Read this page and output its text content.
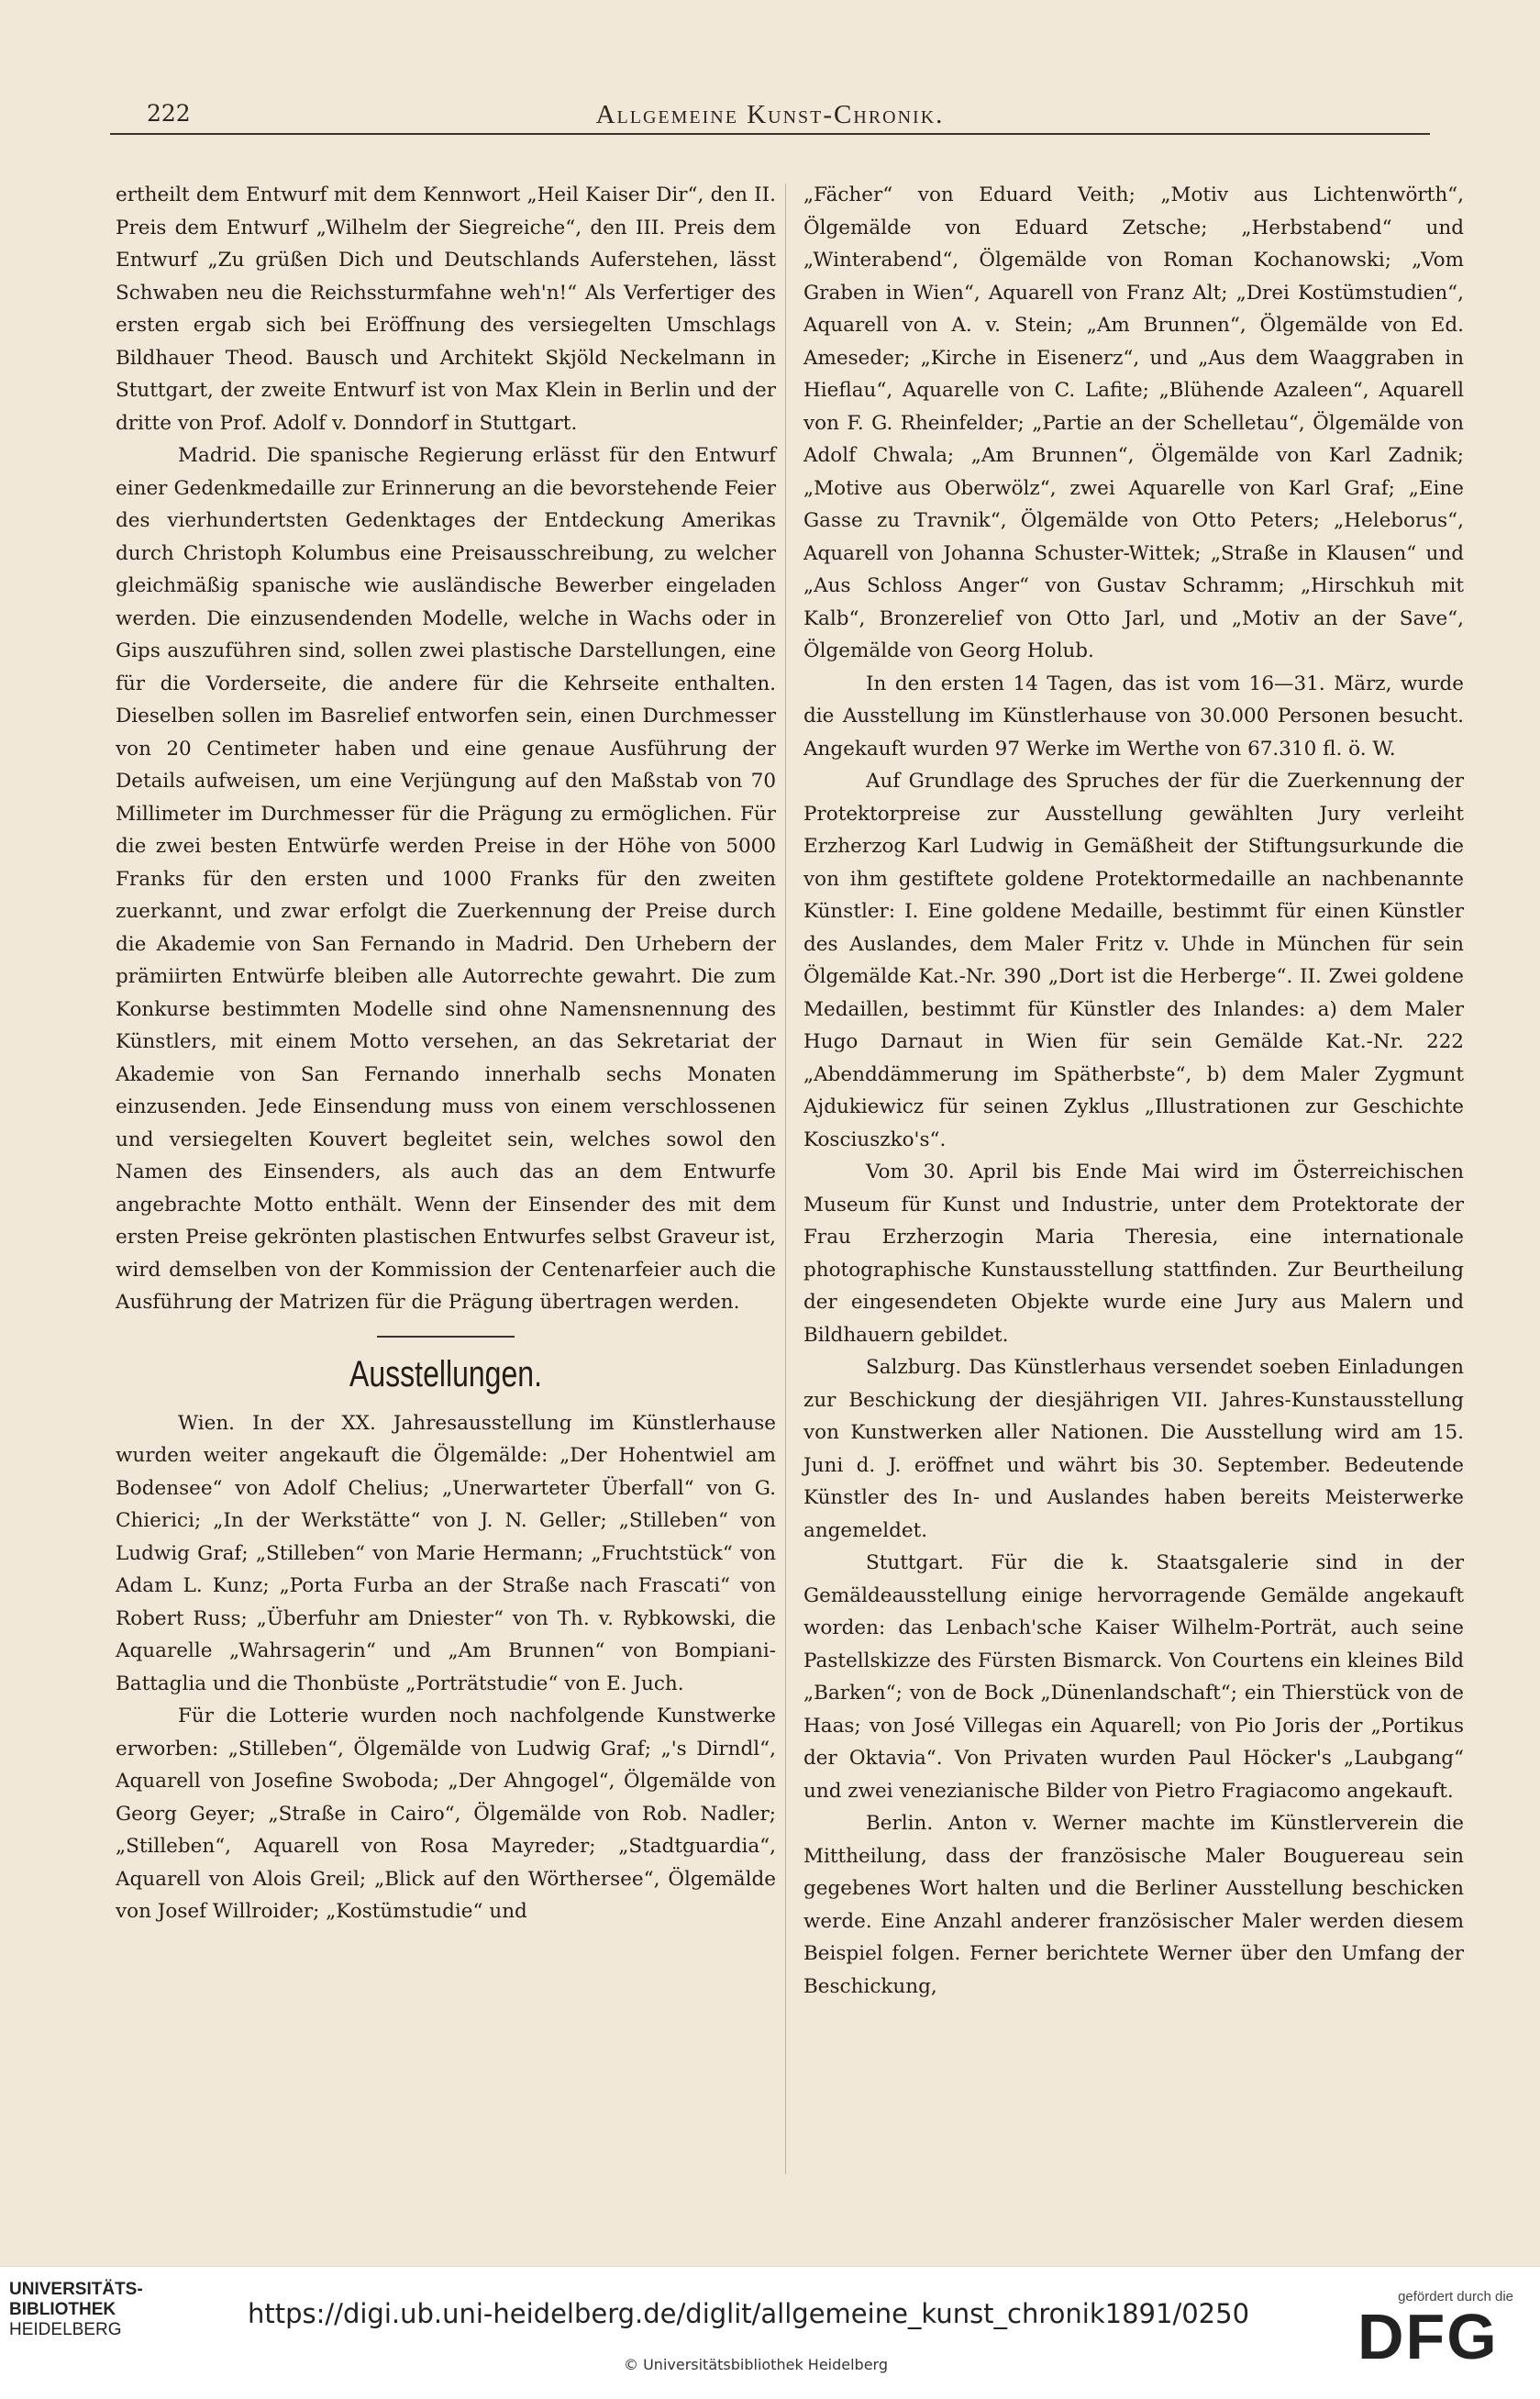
222	Allgemeine Kunst-Chronik.

ertheilt dem Entwurf mit dem Kennwort „Heil Kaiser Dir“, den II. Preis dem Entwurf „Wilhelm der Siegreiche“, den III. Preis dem Entwurf „Zu grüßen Dich und Deutschlands Auferstehen, lässt Schwaben neu die Reichssturmfahne weh'n!“ Als Verfertiger des ersten ergab sich bei Eröffnung des versiegelten Umschlags Bildhauer Theod. Bausch und Architekt Skjöld Neckelmann in Stuttgart, der zweite Entwurf ist von Max Klein in Berlin und der dritte von Prof. Adolf v. Donndorf in Stuttgart.

Madrid. Die spanische Regierung erlässt für den Entwurf einer Gedenkmedaille zur Erinnerung an die bevorstehende Feier des vierhundertsten Gedenktages der Entdeckung Amerikas durch Christoph Kolumbus eine Preisausschreibung, zu welcher gleichmäßig spanische wie ausländische Bewerber eingeladen werden. Die einzusendenden Modelle, welche in Wachs oder in Gips auszuführen sind, sollen zwei plastische Darstellungen, eine für die Vorderseite, die andere für die Kehrseite enthalten. Dieselben sollen im Basrelief entworfen sein, einen Durchmesser von 20 Centimeter haben und eine genaue Ausführung der Details aufweisen, um eine Verjüngung auf den Maßstab von 70 Millimeter im Durchmesser für die Prägung zu ermöglichen. Für die zwei besten Entwürfe werden Preise in der Höhe von 5000 Franks für den ersten und 1000 Franks für den zweiten zuerkannt, und zwar erfolgt die Zuerkennung der Preise durch die Akademie von San Fernando in Madrid. Den Urhebern der prämiirten Entwürfe bleiben alle Autorrechte gewahrt. Die zum Konkurse bestimmten Modelle sind ohne Namensnennung des Künstlers, mit einem Motto versehen, an das Sekretariat der Akademie von San Fernando innerhalb sechs Monaten einzusenden. Jede Einsendung muss von einem verschlossenen und versiegelten Kouvert begleitet sein, welches sowol den Namen des Einsenders, als auch das an dem Entwurfe angebrachte Motto enthält. Wenn der Einsender des mit dem ersten Preise gekrönten plastischen Entwurfes selbst Graveur ist, wird demselben von der Kommission der Centenarfeier auch die Ausführung der Matrizen für die Prägung übertragen werden.

Ausstellungen.

Wien. In der XX. Jahresausstellung im Künstlerhause wurden weiter angekauft die Ölgemälde: „Der Hohentwiel am Bodensee“ von Adolf Chelius; „Unerwarteter Überfall“ von G. Chierici; „In der Werkstätte“ von J. N. Geller; „Stilleben“ von Ludwig Graf; „Stilleben“ von Marie Hermann; „Fruchtstück“ von Adam L. Kunz; „Porta Furba an der Straße nach Frascati“ von Robert Russ; „Überfuhr am Dniester“ von Th. v. Rybkowski, die Aquarelle „Wahrsagerin“ und „Am Brunnen“ von Bompiani-Battaglia und die Thonbüste „Porträtstudie“ von E. Juch.

Für die Lotterie wurden noch nachfolgende Kunstwerke erworben: „Stilleben“, Ölgemälde von Ludwig Graf; „'s Dirndl“, Aquarell von Josefine Swoboda; „Der Ahngogel“, Ölgemälde von Georg Geyer; „Straße in Cairo“, Ölgemälde von Rob. Nadler; „Stilleben“, Aquarell von Rosa Mayreder; „Stadtguardia“, Aquarell von Alois Greil; „Blick auf den Wörthersee“, Ölgemälde von Josef Willroider; „Kostümstudie“ und

„Fächer“ von Eduard Veith; „Motiv aus Lichtenwörth“, Ölgemälde von Eduard Zetsche; „Herbstabend“ und „Winterabend“, Ölgemälde von Roman Kochanowski; „Vom Graben in Wien“, Aquarell von Franz Alt; „Drei Kostümstudien“, Aquarell von A. v. Stein; „Am Brunnen“, Ölgemälde von Ed. Ameseder; „Kirche in Eisenerz“, und „Aus dem Waaggraben in Hieflau“, Aquarelle von C. Lafite; „Blühende Azaleen“, Aquarell von F. G. Rheinfelder; „Partie an der Schelletau“, Ölgemälde von Adolf Chwala; „Am Brunnen“, Ölgemälde von Karl Zadnik; „Motive aus Oberwölz“, zwei Aquarelle von Karl Graf; „Eine Gasse zu Travnik“, Ölgemälde von Otto Peters; „Heleborus“, Aquarell von Johanna Schuster-Wittek; „Straße in Klausen“ und „Aus Schloss Anger“ von Gustav Schramm; „Hirschkuh mit Kalb“, Bronzerelief von Otto Jarl, und „Motiv an der Save“, Ölgemälde von Georg Holub.

In den ersten 14 Tagen, das ist vom 16—31. März, wurde die Ausstellung im Künstlerhause von 30.000 Personen besucht. Angekauft wurden 97 Werke im Werthe von 67.310 fl. ö. W.

Auf Grundlage des Spruches der für die Zuerkennung der Protektorpreise zur Ausstellung gewählten Jury verleiht Erzherzog Karl Ludwig in Gemäßheit der Stiftungsurkunde die von ihm gestiftete goldene Protektormedaille an nachbenannte Künstler: I. Eine goldene Medaille, bestimmt für einen Künstler des Auslandes, dem Maler Fritz v. Uhde in München für sein Ölgemälde Kat.-Nr. 390 „Dort ist die Herberge“. II. Zwei goldene Medaillen, bestimmt für Künstler des Inlandes: a) dem Maler Hugo Darnaut in Wien für sein Gemälde Kat.-Nr. 222 „Abenddämmerung im Spätherbste“, b) dem Maler Zygmunt Ajdukiewicz für seinen Zyklus „Illustrationen zur Geschichte Kosciuszko's“.

Vom 30. April bis Ende Mai wird im Österreichischen Museum für Kunst und Industrie, unter dem Protektorate der Frau Erzherzogin Maria Theresia, eine internationale photographische Kunstausstellung stattfinden. Zur Beurtheilung der eingesendeten Objekte wurde eine Jury aus Malern und Bildhauern gebildet.

Salzburg. Das Künstlerhaus versendet soeben Einladungen zur Beschickung der diesjährigen VII. Jahres-Kunstausstellung von Kunstwerken aller Nationen. Die Ausstellung wird am 15. Juni d. J. eröffnet und währt bis 30. September. Bedeutende Künstler des In- und Auslandes haben bereits Meisterwerke angemeldet.

Stuttgart. Für die k. Staatsgalerie sind in der Gemäldeausstellung einige hervorragende Gemälde angekauft worden: das Lenbach'sche Kaiser Wilhelm-Porträt, auch seine Pastellskizze des Fürsten Bismarck. Von Courtens ein kleines Bild „Barken“; von de Bock „Dünenlandschaft“; ein Thierstück von de Haas; von José Villegas ein Aquarell; von Pio Joris der „Portikus der Oktavia“. Von Privaten wurden Paul Höcker's „Laubgang“ und zwei venezianische Bilder von Pietro Fragiacomo angekauft.

Berlin. Anton v. Werner machte im Künstlerverein die Mittheilung, dass der französische Maler Bouguereau sein gegebenes Wort halten und die Berliner Ausstellung beschicken werde. Eine Anzahl anderer französischer Maler werden diesem Beispiel folgen. Ferner berichtete Werner über den Umfang der Beschickung,

UNIVERSITÄTS-
BIBLIOTHEK
HEIDELBERG
https://digi.ub.uni-heidelberg.de/diglit/allgemeine_kunst_chronik1891/0250
© Universitätsbibliothek Heidelberg
gefördert durch die
DFG
